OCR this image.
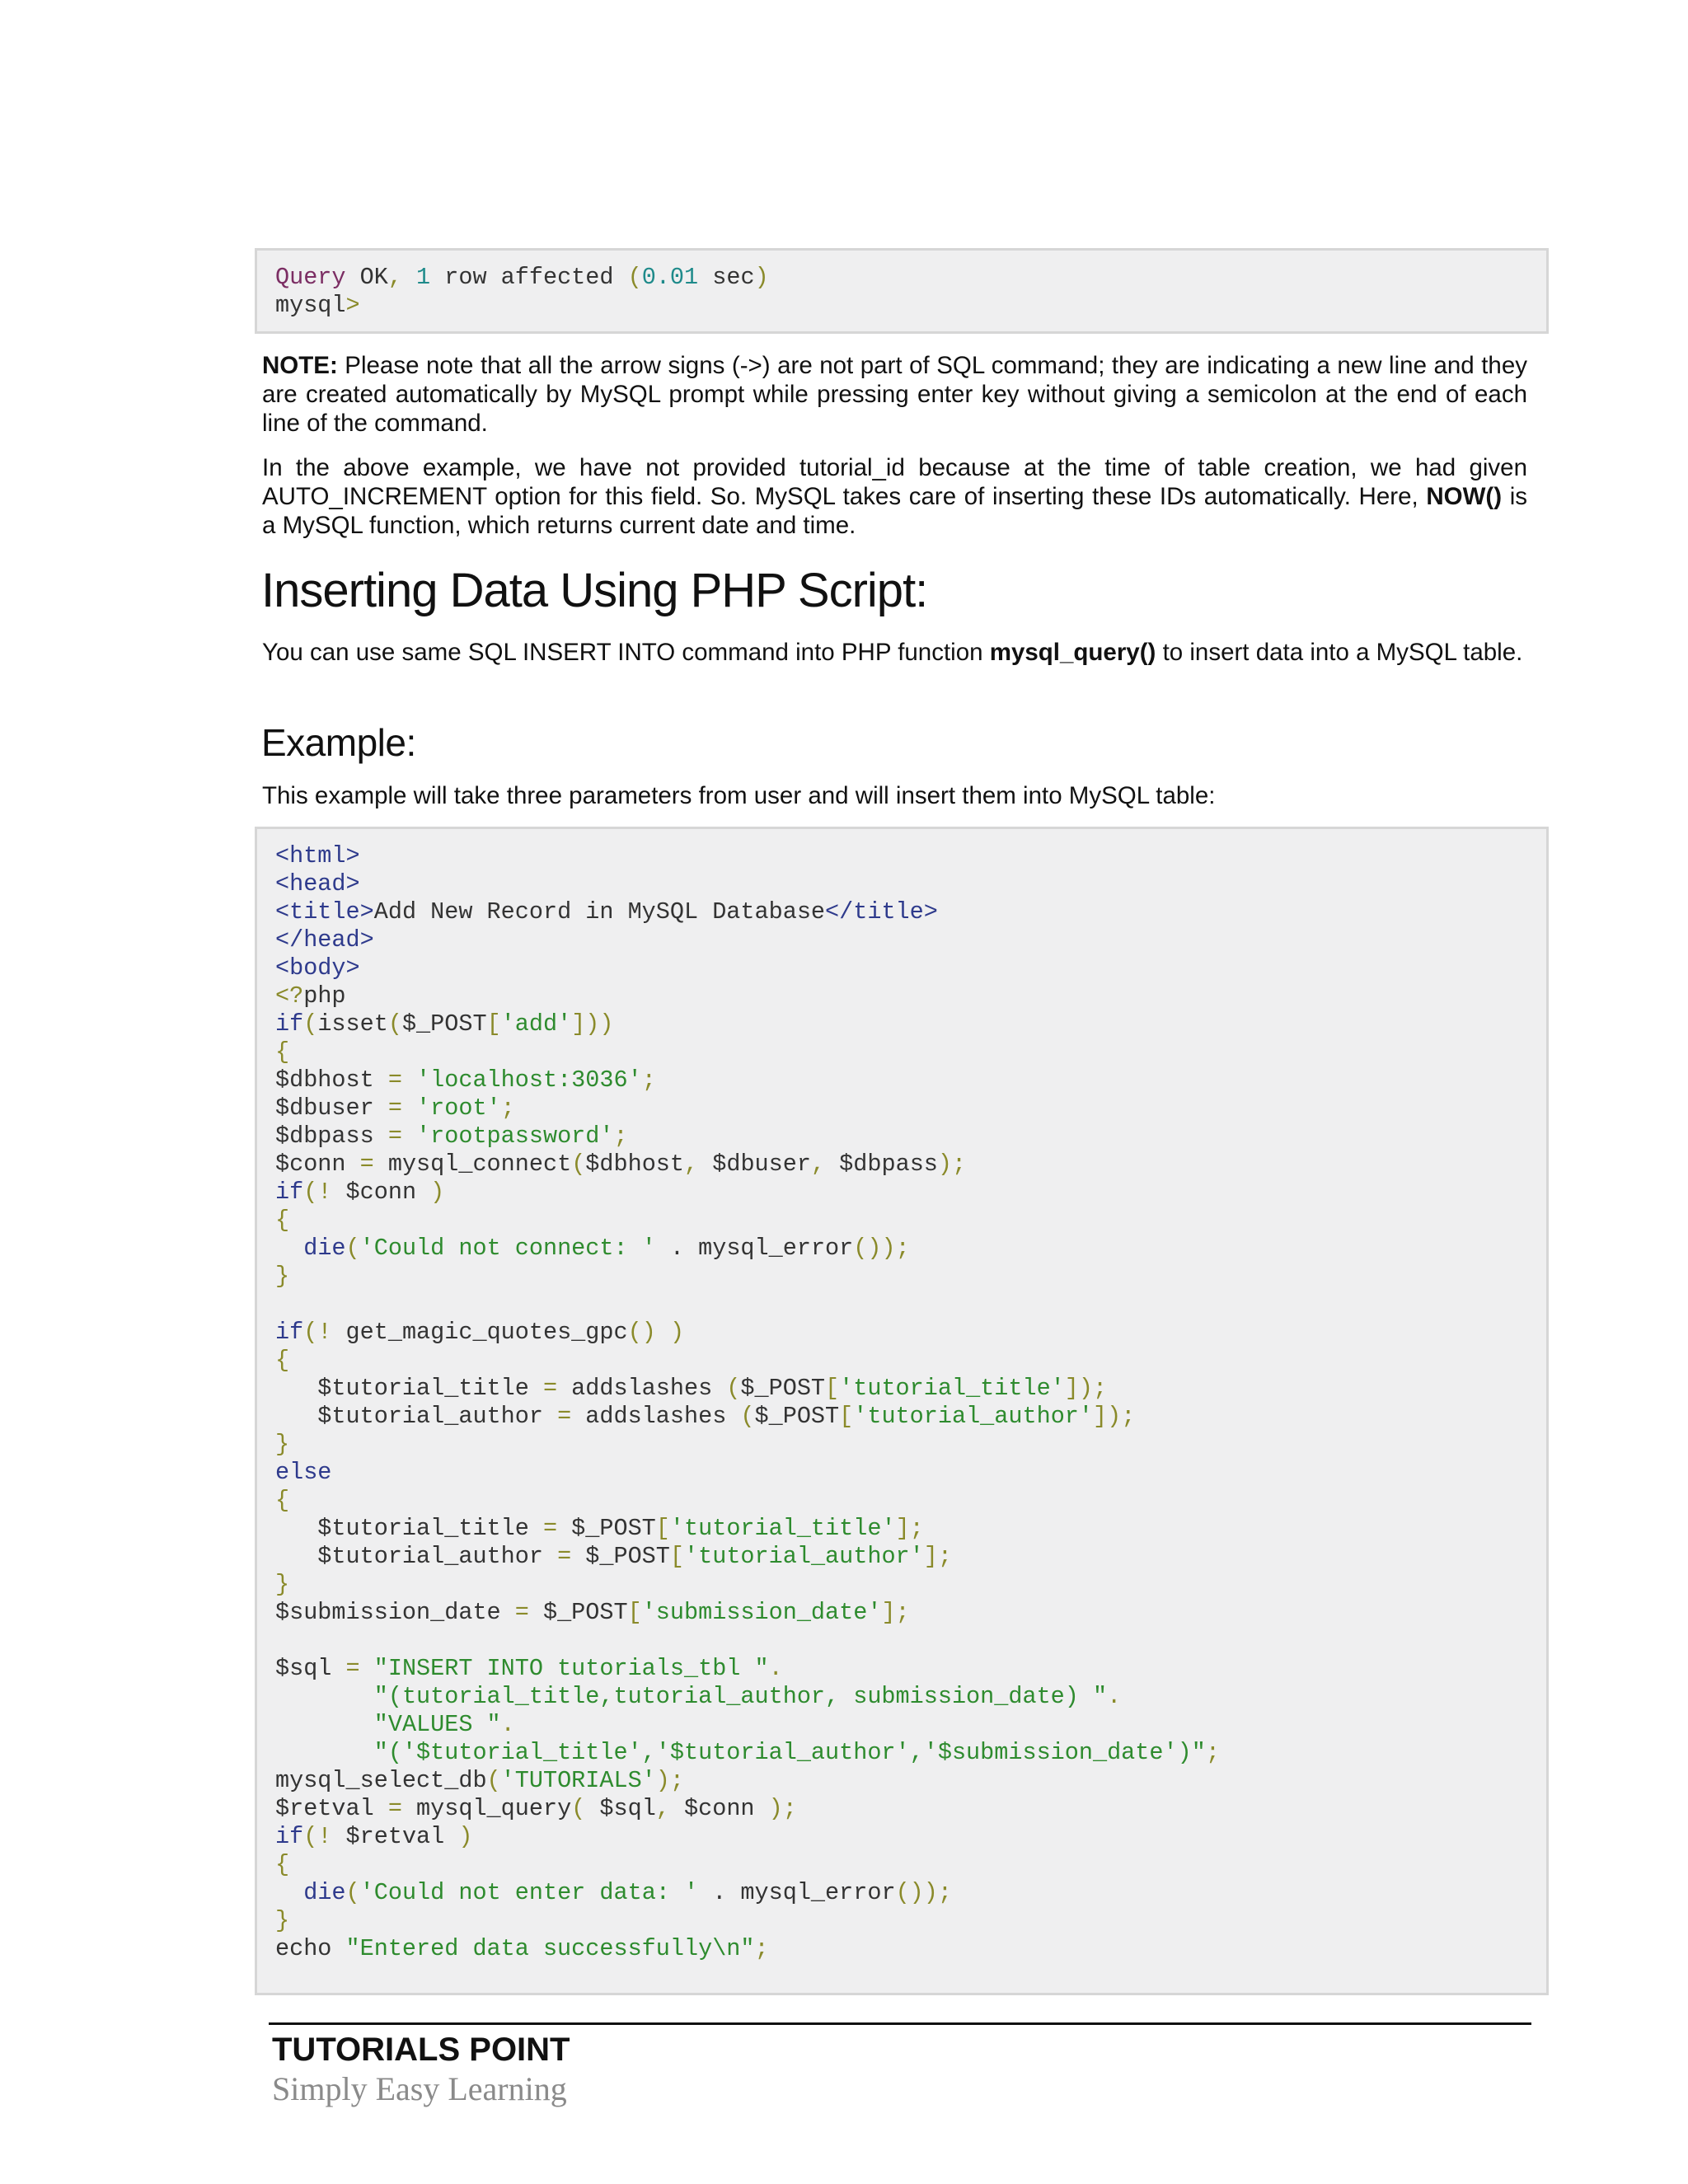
Query OK, 1 row affected (0.01 sec)
mysql>
NOTE: Please note that all the arrow signs (->) are not part of SQL command; they are indicating a new line and they are created automatically by MySQL prompt while pressing enter key without giving a semicolon at the end of each line of the command.
In the above example, we have not provided tutorial_id because at the time of table creation, we had given AUTO_INCREMENT option for this field. So. MySQL takes care of inserting these IDs automatically. Here, NOW() is a MySQL function, which returns current date and time.
Inserting Data Using PHP Script:
You can use same SQL INSERT INTO command into PHP function mysql_query() to insert data into a MySQL table.
Example:
This example will take three parameters from user and will insert them into MySQL table:
<html>
<head>
<title>Add New Record in MySQL Database</title>
</head>
<body>
<?php
if(isset($_POST['add']))
{
$dbhost = 'localhost:3036';
$dbuser = 'root';
$dbpass = 'rootpassword';
$conn = mysql_connect($dbhost, $dbuser, $dbpass);
if(! $conn )
{
die('Could not connect: ' . mysql_error());
}

if(! get_magic_quotes_gpc() )
{
$tutorial_title = addslashes ($_POST['tutorial_title']);
$tutorial_author = addslashes ($_POST['tutorial_author']);
}
else
{
$tutorial_title = $_POST['tutorial_title'];
$tutorial_author = $_POST['tutorial_author'];
}
$submission_date = $_POST['submission_date'];

$sql = "INSERT INTO tutorials_tbl ".
"(tutorial_title,tutorial_author, submission_date) ".
"VALUES ".
"('$tutorial_title','$tutorial_author','$submission_date')";
mysql_select_db('TUTORIALS');
$retval = mysql_query( $sql, $conn );
if(! $retval )
{
die('Could not enter data: ' . mysql_error());
}
echo "Entered data successfully\n";
TUTORIALS POINT
Simply Easy Learning
